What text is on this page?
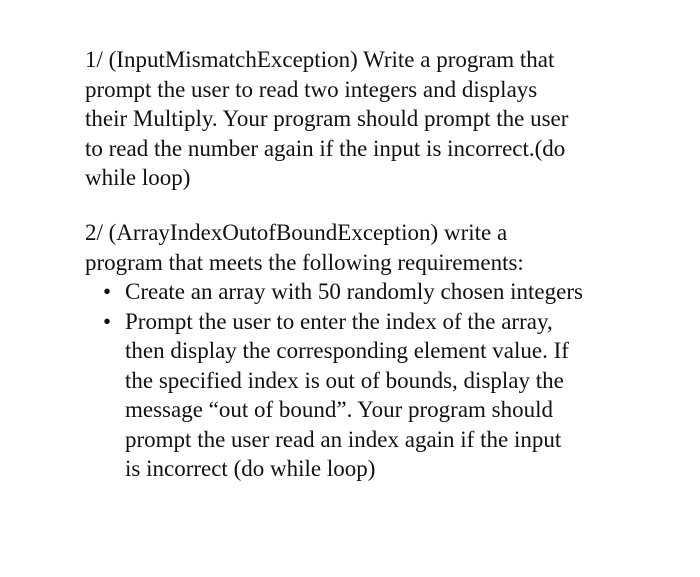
1/ (InputMismatchException) Write a program that
prompt the user to read two integers and displays
their Multiply. Your program should prompt the user
to read the number again if the input is incorrect.(do
while loop)
2/ (ArrayIndexOutofBoundException) write a
program that meets the following requirements:
• Create an array with 50 randomly chosen integers
• Prompt the user to enter the index of the array,
then display the corresponding element value. If
the specified index is out of bounds, display the
message “out of bound”. Your program should
prompt the user read an index again if the input
is incorrect (do while loop)
